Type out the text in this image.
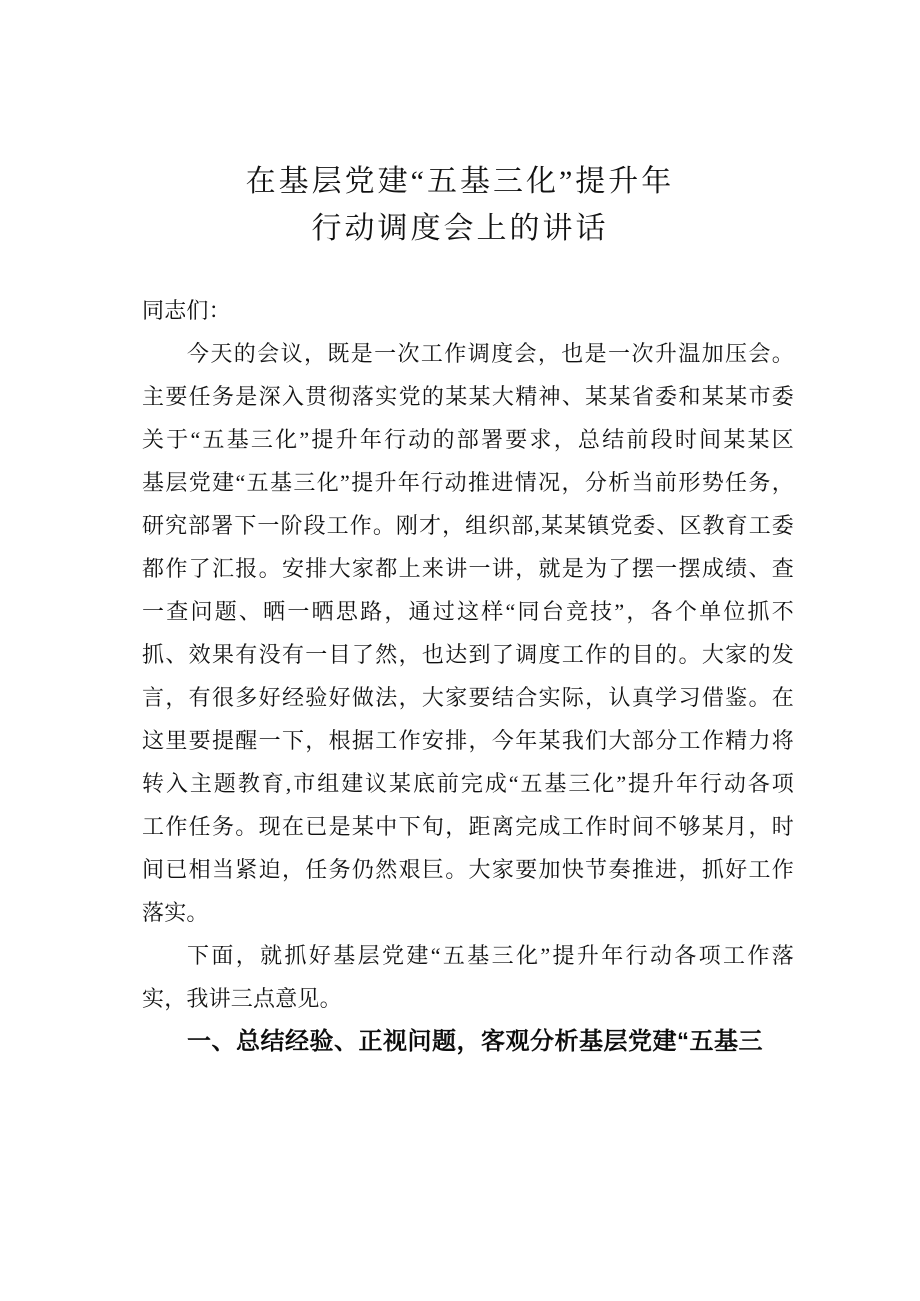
在基层党建“五基三化”提升年
行动调度会上的讲话
同志们：
今天的会议，既是一次工作调度会，也是一次升温加压会。
主要任务是深入贯彻落实党的某某大精神、某某省委和某某市委
关于“五基三化”提升年行动的部署要求，总结前段时间某某区
基层党建“五基三化”提升年行动推进情况，分析当前形势任务，
研究部署下一阶段工作。刚才，组织部,某某镇党委、区教育工委
都作了汇报。安排大家都上来讲一讲，就是为了摆一摆成绩、查
一查问题、晒一晒思路，通过这样“同台竞技”，各个单位抓不
抓、效果有没有一目了然，也达到了调度工作的目的。大家的发
言，有很多好经验好做法，大家要结合实际，认真学习借鉴。在
这里要提醒一下，根据工作安排，今年某我们大部分工作精力将
转入主题教育,市组建议某底前完成“五基三化”提升年行动各项
工作任务。现在已是某中下旬，距离完成工作时间不够某月，时
间已相当紧迫，任务仍然艰巨。大家要加快节奏推进，抓好工作
落实。
下面，就抓好基层党建“五基三化”提升年行动各项工作落
实，我讲三点意见。
一、总结经验、正视问题，客观分析基层党建“五基三
